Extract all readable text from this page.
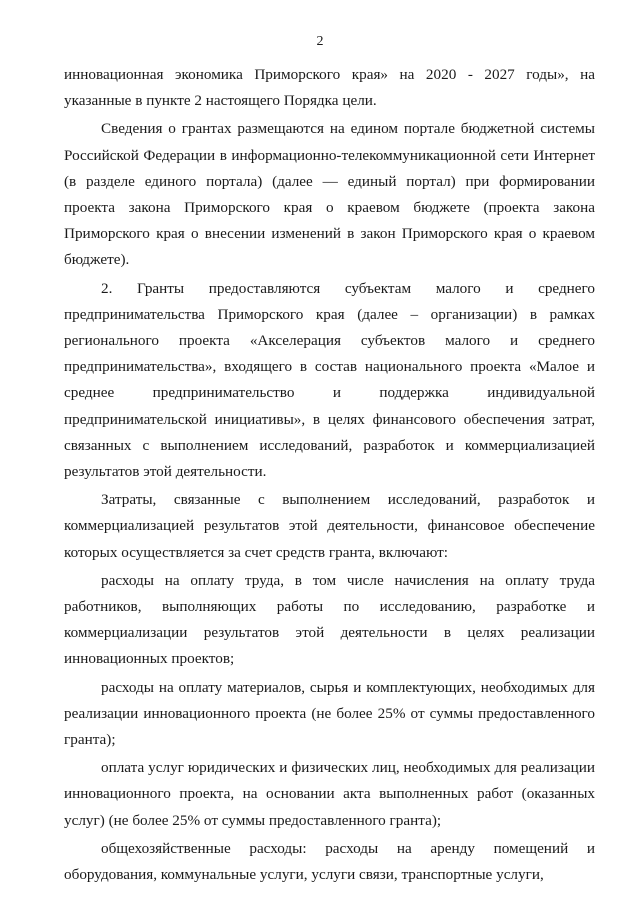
2

инновационная экономика Приморского края» на 2020 - 2027 годы», на указанные в пункте 2 настоящего Порядка цели.

Сведения о грантах размещаются на едином портале бюджетной системы Российской Федерации в информационно-телекоммуникационной сети Интернет (в разделе единого портала) (далее — единый портал) при формировании проекта закона Приморского края о краевом бюджете (проекта закона Приморского края о внесении изменений в закон Приморского края о краевом бюджете).

2. Гранты предоставляются субъектам малого и среднего предпринимательства Приморского края (далее – организации) в рамках регионального проекта «Акселерация субъектов малого и среднего предпринимательства», входящего в состав национального проекта «Малое и среднее предпринимательство и поддержка индивидуальной предпринимательской инициативы», в целях финансового обеспечения затрат, связанных с выполнением исследований, разработок и коммерциализацией результатов этой деятельности.

Затраты, связанные с выполнением исследований, разработок и коммерциализацией результатов этой деятельности, финансовое обеспечение которых осуществляется за счет средств гранта, включают:

расходы на оплату труда, в том числе начисления на оплату труда работников, выполняющих работы по исследованию, разработке и коммерциализации результатов этой деятельности в целях реализации инновационных проектов;

расходы на оплату материалов, сырья и комплектующих, необходимых для реализации инновационного проекта (не более 25% от суммы предоставленного гранта);

оплата услуг юридических и физических лиц, необходимых для реализации инновационного проекта, на основании акта выполненных работ (оказанных услуг) (не более 25% от суммы предоставленного гранта);

общехозяйственные расходы: расходы на аренду помещений и оборудования, коммунальные услуги, услуги связи, транспортные услуги,
